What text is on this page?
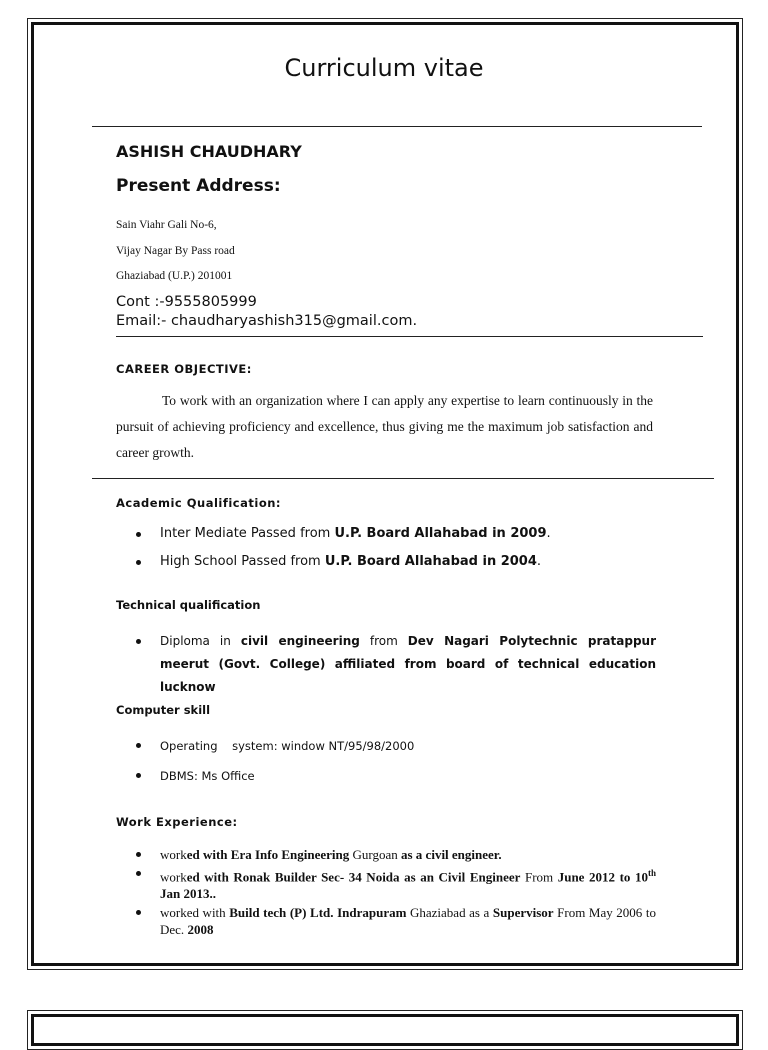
Curriculum vitae
ASHISH CHAUDHARY
Present Address:
Sain Viahr Gali No-6,
Vijay Nagar By Pass road
Ghaziabad (U.P.) 201001
Cont :-9555805999
Email:- chaudharyashish315@gmail.com.
CAREER OBJECTIVE:
To work with an organization where I can apply any expertise to learn continuously in the pursuit of achieving proficiency and excellence, thus giving me the maximum job satisfaction and career growth.
Academic Qualification:
Inter Mediate Passed from U.P. Board Allahabad in 2009.
High School Passed from U.P. Board Allahabad in 2004.
Technical qualification
Diploma in civil engineering from Dev Nagari Polytechnic pratappur meerut (Govt. College) affiliated from board of technical education lucknow
Computer skill
Operating    system: window NT/95/98/2000
DBMS: Ms Office
Work Experience:
worked with Era Info Engineering Gurgoan as a civil engineer.
worked with Ronak Builder Sec- 34 Noida as an Civil Engineer From June 2012 to 10th Jan 2013..
worked with Build tech (P) Ltd. Indrapuram Ghaziabad as a Supervisor From May 2006 to Dec. 2008
